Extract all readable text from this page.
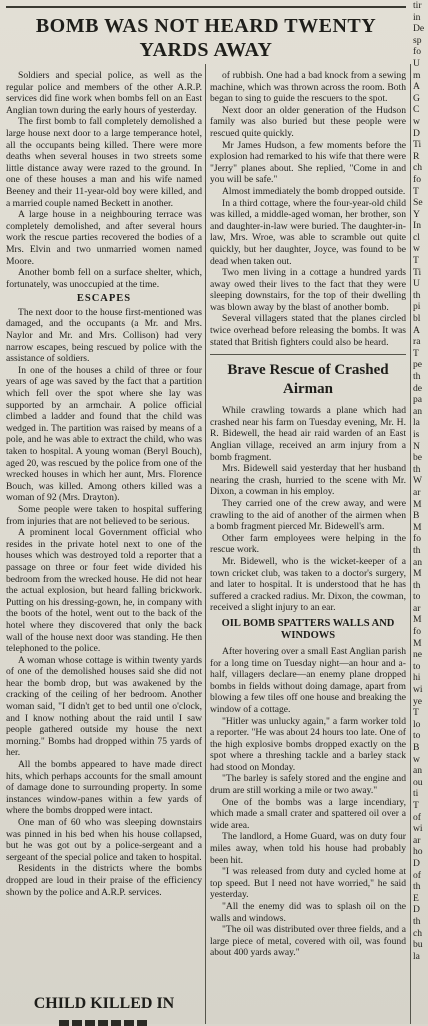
BOMB WAS NOT HEARD TWENTY YARDS AWAY

Soldiers and special police, as well as the regular police and members of the other A.R.P. services did fine work when bombs fell on an East Anglian town during the early hours of yesterday.

The first bomb to fall completely demolished a large house next door to a large temperance hotel, all the occupants being killed. There were more deaths when several houses in two streets some little distance away were razed to the ground. In one of these houses a man and his wife named Beeney and their 11-year-old boy were killed, and a married couple named Beckett in another.

A large house in a neighbouring terrace was completely demolished, and after several hours work the rescue parties recovered the bodies of a Mrs. Elvin and two unmarried women named Moore.

Another bomb fell on a surface shelter, which, fortunately, was unoccupied at the time.

ESCAPES

The next door to the house first-mentioned was damaged, and the occupants (a Mr. and Mrs. Naylor and Mr. and Mrs. Collison) had very narrow escapes, being rescued by police with the assistance of soldiers.

In one of the houses a child of three or four years of age was saved by the fact that a partition which fell over the spot where she lay was supported by an armchair. A police official climbed a ladder and found that the child was wedged in. The partition was raised by means of a pole, and he was able to extract the child, who was taken to hospital. A young woman (Beryl Bouch), aged 20, was rescued by the police from one of the wrecked houses in which her aunt, Mrs. Florence Bouch, was killed. Among others killed was a woman of 92 (Mrs. Drayton).

Some people were taken to hospital suffering from injuries that are not believed to be serious.

A prominent local Government official who resides in the private hotel next to one of the houses which was destroyed told a reporter that a passage on three or four feet wide divided his bedroom from the wrecked house. He did not hear the actual explosion, but heard falling brickwork. Putting on his dressing-gown, he, in company with the boots of the hotel, went out to the back of the hotel where they discovered that only the back wall of the house next door was standing. He then telephoned to the police.

A woman whose cottage is within twenty yards of one of the demolished houses said she did not hear the bomb drop, but was awakened by the cracking of the ceiling of her bedroom. Another woman said, "I didn't get to bed until one o'clock, and I know nothing about the raid until I saw people gathered outside my house the next morning." Bombs had dropped within 75 yards of her.

All the bombs appeared to have made direct hits, which perhaps accounts for the small amount of damage done to surrounding property. In some instances window-panes within a few yards of where the bombs dropped were intact.

One man of 60 who was sleeping downstairs was pinned in his bed when his house collapsed, but he was got out by a police-sergeant and a sergeant of the special police and taken to hospital.

Residents in the districts where the bombs dropped are loud in their praise of the efficiency shown by the police and A.R.P. services.

CHILD KILLED IN

of rubbish. One had a bad knock from a sewing machine, which was thrown across the room. Both began to sing to guide the rescuers to the spot.

Next door an older generation of the Hudson family was also buried but these people were rescued quite quickly.

Mr James Hudson, a few moments before the explosion had remarked to his wife that there were "Jerry" planes about. She replied, "Come in and you will be safe."

Almost immediately the bomb dropped outside.

In a third cottage, where the four-year-old child was killed, a middle-aged woman, her brother, son and daughter-in-law were buried. The daughter-in-law, Mrs. Wroe, was able to scramble out quite quickly, but her daughter, Joyce, was found to be dead when taken out.

Two men living in a cottage a hundred yards away owed their lives to the fact that they were sleeping downstairs, for the top of their dwelling was blown away by the blast of another bomb.

Several villagers stated that the planes circled twice overhead before releasing the bombs. It was stated that British fighters could also be heard.

Brave Rescue of Crashed Airman

While crawling towards a plane which had crashed near his farm on Tuesday evening, Mr. H. R. Bidewell, the head air raid warden of an East Anglian village, received an arm injury from a bomb fragment.

Mrs. Bidewell said yesterday that her husband nearing the crash, hurried to the scene with Mr. Dixon, a cowman in his employ.

They carried one of the crew away, and were crawling to the aid of another of the airmen when a bomb fragment pierced Mr. Bidewell's arm.

Other farm employees were helping in the rescue work.

Mr. Bidewell, who is the wicket-keeper of a town cricket club, was taken to a doctor's surgery, and later to hospital. It is understood that he has suffered a cracked radius. Mr. Dixon, the cowman, received a slight injury to an ear.

OIL BOMB SPATTERS WALLS AND WINDOWS

After hovering over a small East Anglian parish for a long time on Tuesday night—an hour and a-half, villagers declare—an enemy plane dropped bombs in fields without doing damage, apart from blowing a few tiles off one house and breaking the window of a cottage.

"Hitler was unlucky again," a farm worker told a reporter. "He was about 24 hours too late. One of the high explosive bombs dropped exactly on the spot where a threshing tackle and a barley stack had stood on Monday.

"The barley is safely stored and the engine and drum are still working a mile or two away."

One of the bombs was a large incendiary, which made a small crater and spattered oil over a wide area.

The landlord, a Home Guard, was on duty four miles away, when told his house had probably been hit.

"I was released from duty and cycled home at top speed. But I need not have worried," he said yesterday.

"All the enemy did was to splash oil on the walls and windows.

"The oil was distributed over three fields, and a large piece of metal, covered with oil, was found about 400 yards away."

tir
in
De
sp
fo
U
m
A
G
C
w
D
Ti
R
ch
fo
T
Se
Y
In
cl
w
T
Ti
U
th
pi
bl
A
ra
T
pe
th
de
pa
an
la
is
N
be
th
W
ar
M
B
M
fo
th
an
M
th
to
ar
M
fo
M
ne
to
hi
wi
ye
T
lo
to
B
w
an
ou
ti
T
of
wi
ar
ho
D
of
th
E
D
th
ch
bu
la
